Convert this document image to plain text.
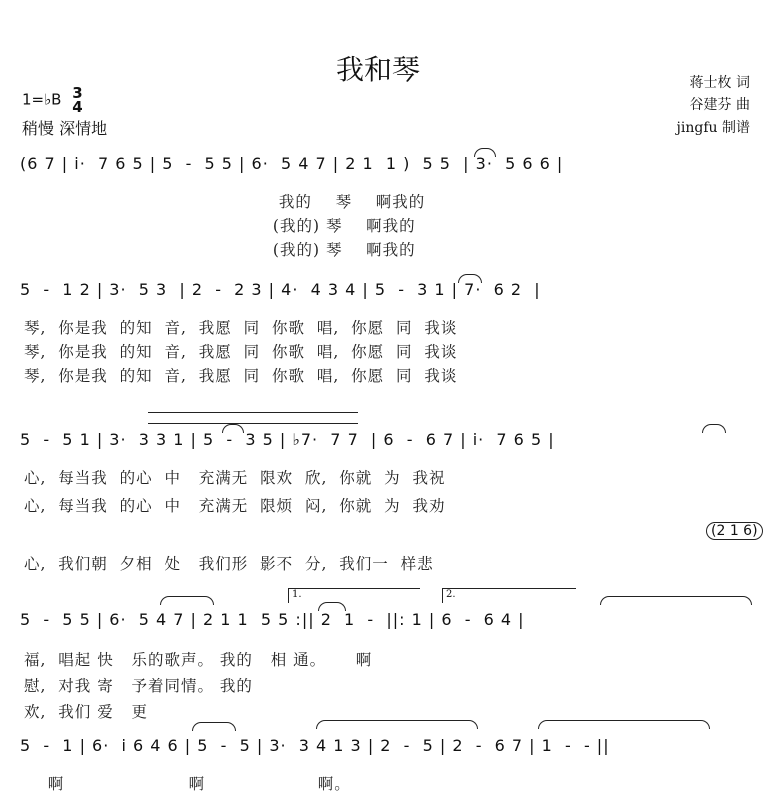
我和琴
1=♭B 3
4
稍慢 深情地
蒋士枚 词
谷建芬 曲
jingfu 制谱
(6 7 | i·  7 6 5 | 5  -  5 5 | 6·  5 4 7 | 2 1  1 )  5 5  | 3·  5 6 6 |
我的    琴    啊我的
(我的) 琴    啊我的
(我的) 琴    啊我的
5  -  1 2 | 3·  5 3  | 2  -  2 3 | 4·  4 3 4 | 5  -  3 1 | 7·  6 2  |
琴,  你是我  的知  音,  我愿  同  你歌  唱,  你愿  同  我谈
琴,  你是我  的知  音,  我愿  同  你歌  唱,  你愿  同  我谈
琴,  你是我  的知  音,  我愿  同  你歌  唱,  你愿  同  我谈
5  -  5 1 | 3·  3 3 1 | 5  -  3 5 | ♭7·  7 7  | 6  -  6 7 | i·  7 6 5 |
心,  每当我  的心  中   充满无  限欢  欣,  你就  为  我祝
心,  每当我  的心  中   充满无  限烦  闷,  你就  为  我劝
(2 1 6)
心,  我们朝  夕相  处   我们形  影不  分,  我们一  样悲
1.	2.
5  -  5 5 | 6·  5 4 7 | 2 1 1  5 5 :|| 2  1  -  ||: 1 | 6  -  6 4 |
福,  唱起 快   乐的歌声。 我的   相 通。     啊
慰,  对我 寄   予着同情。 我的
欢,  我们 爱   更
5  -  1 | 6·  i 6 4 6 | 5  -  5 | 3·  3 4 1 3 | 2  -  5 | 2  -  6 7 | 1  -  - ||
啊                     啊                   啊。
